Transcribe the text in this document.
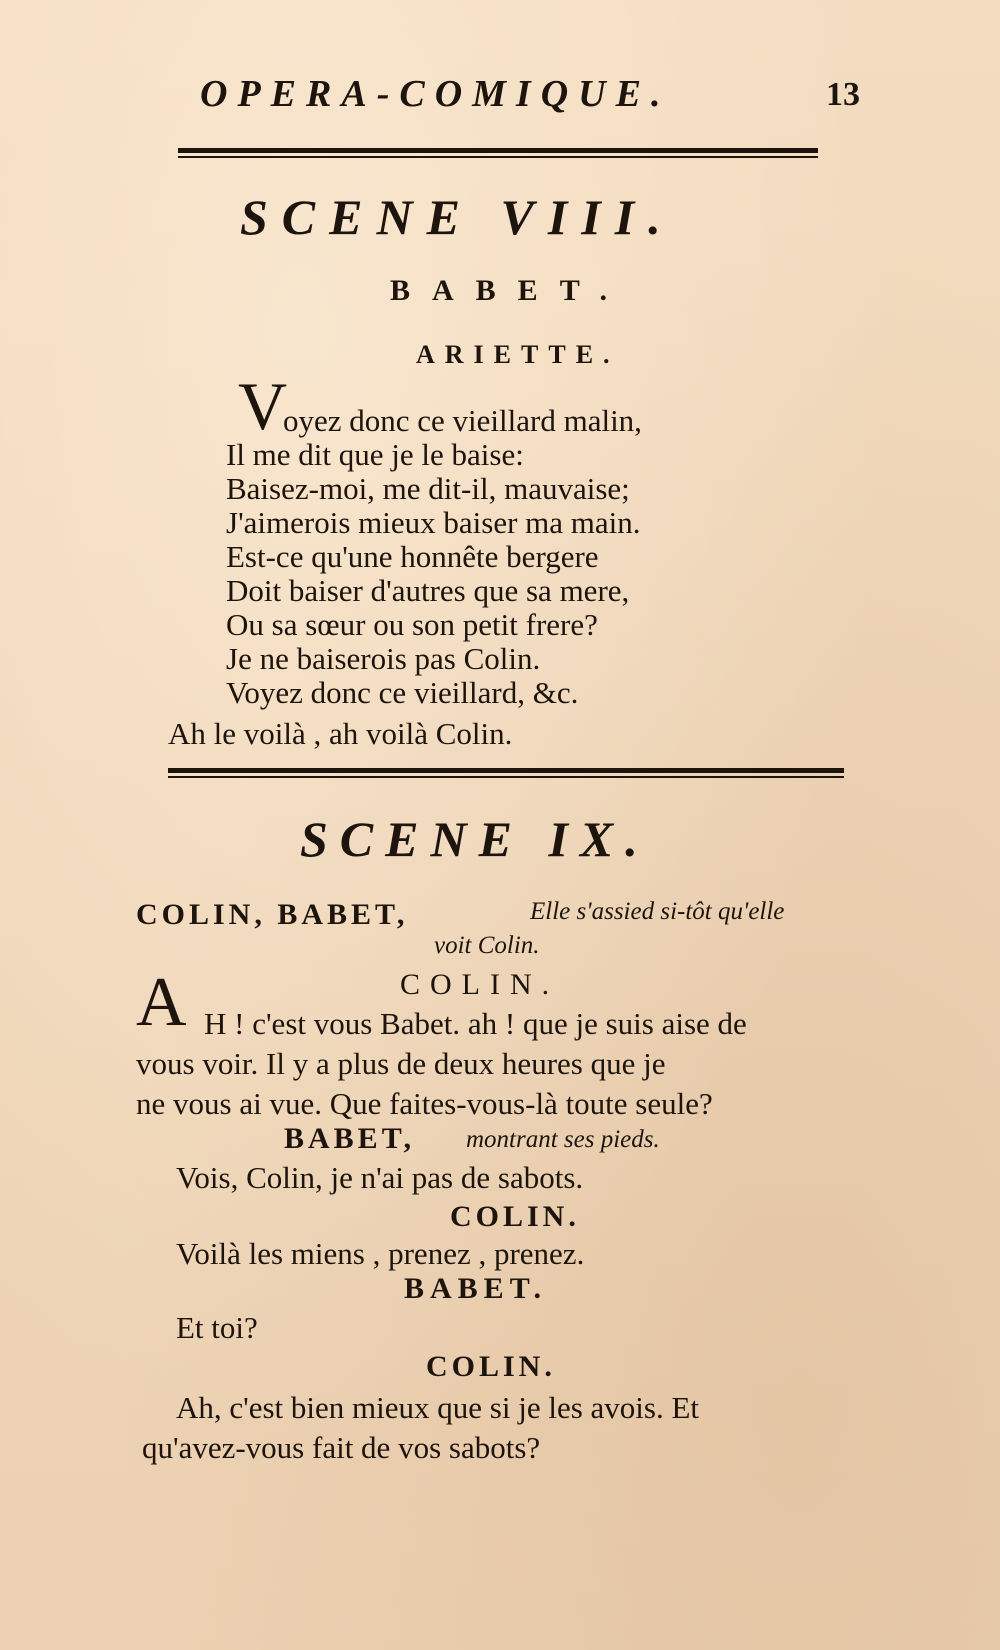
OPERA-COMIQUE.	13
SCENE VIII.
BABET.
ARIETTE.
V
oyez donc ce vieillard malin,
Il me dit que je le baise:
Baisez-moi, me dit-il, mauvaise;
J'aimerois mieux baiser ma main.
Est-ce qu'une honnête bergere
Doit baiser d'autres que sa mere,
Ou sa sœur ou son petit frere?
Je ne baiserois pas Colin.
Voyez donc ce vieillard, &c.
Ah le voilà , ah voilà Colin.
SCENE IX.
COLIN, BABET,	Elle s'assied si-tôt qu'elle
voit Colin.
COLIN.
A H ! c'est vous Babet. ah ! que je suis aise de
vous voir. Il y a plus de deux heures que je
ne vous ai vue. Que faites-vous-là toute seule?
BABET, montrant ses pieds.
Vois, Colin, je n'ai pas de sabots.
COLIN.
Voilà les miens , prenez , prenez.
BABET.
Et toi?
COLIN.
Ah, c'est bien mieux que si je les avois. Et
qu'avez-vous fait de vos sabots?
